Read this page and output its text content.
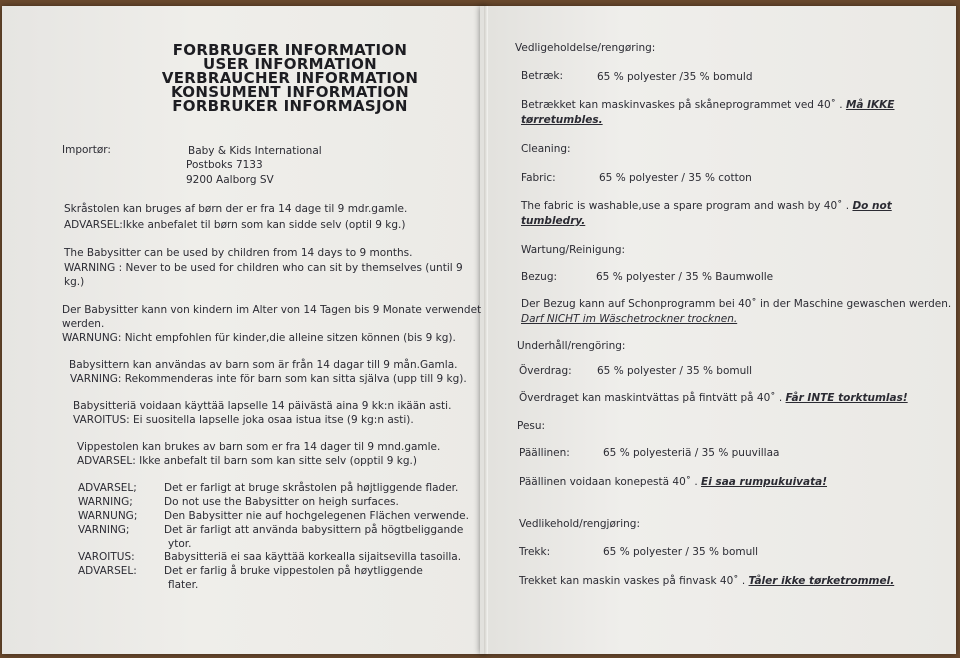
FORBRUGER INFORMATION
USER INFORMATION
VERBRAUCHER INFORMATION
KONSUMENT INFORMATION
FORBRUKER INFORMASJON
Importør:	Baby & Kids International
Postboks 7133
9200 Aalborg SV
Skråstolen kan bruges af børn der er fra 14 dage til 9 mdr.gamle.
ADVARSEL:Ikke anbefalet til børn som kan sidde selv (optil 9 kg.)
The Babysitter can be used by children from 14 days to 9 months.
WARNING : Never to be used for children who can sit by themselves (until 9
kg.)
Der Babysitter kann von kindern im Alter von 14 Tagen bis 9 Monate verwendet
werden.
WARNUNG: Nicht empfohlen für kinder,die alleine sitzen können (bis 9 kg).
Babysittern kan användas av barn som är från 14 dagar till 9 mån.Gamla.
VARNING: Rekommenderas inte för barn som kan sitta själva (upp till 9 kg).
Babysitteriä voidaan käyttää lapselle 14 päivästä aina 9 kk:n ikään asti.
VAROITUS: Ei suositella lapselle joka osaa istua itse (9 kg:n asti).
Vippestolen kan brukes av barn som er fra 14 dager til 9 mnd.gamle.
ADVARSEL: Ikke anbefalt til barn som kan sitte selv (opptil 9 kg.)
ADVARSEL;	Det er farligt at bruge skråstolen på højtliggende flader.
WARNING;	Do not use the Babysitter on heigh surfaces.
WARNUNG;	Den Babysitter nie auf hochgelegenen Flächen verwende.
VARNING;	Det är farligt att använda babysittern på högtbeliggande
ytor.
VAROITUS:	Babysitteriä ei saa käyttää korkealla sijaitsevilla tasoilla.
ADVARSEL:	Det er farlig å bruke vippestolen på høytliggende
flater.
Vedligeholdelse/rengøring:
Betræk:	65 % polyester /35 % bomuld
Betrækket kan maskinvaskes på skåneprogrammet ved 40˚ . Må IKKE
tørretumbles.
Cleaning:
Fabric:	65 % polyester / 35 % cotton
The fabric is washable,use a spare program and wash by 40˚ . Do not
tumbledry.
Wartung/Reinigung:
Bezug:	65 % polyester / 35 % Baumwolle
Der Bezug kann auf Schonprogramm bei 40˚ in der Maschine gewaschen werden.
Darf NICHT im Wäschetrockner trocknen.
Underhåll/rengöring:
Överdrag: 65 % polyester / 35 % bomull
Överdraget kan maskintvättas på fintvätt på 40˚ . Får INTE torktumlas!
Pesu:
Päällinen:	65 % polyesteriä / 35 % puuvillaa
Päällinen voidaan konepestä 40˚ . Ei saa rumpukuivata!
Vedlikehold/rengjøring:
Trekk:	65 % polyester / 35 % bomull
Trekket kan maskin vaskes på finvask 40˚ . Tåler ikke tørketrommel.
